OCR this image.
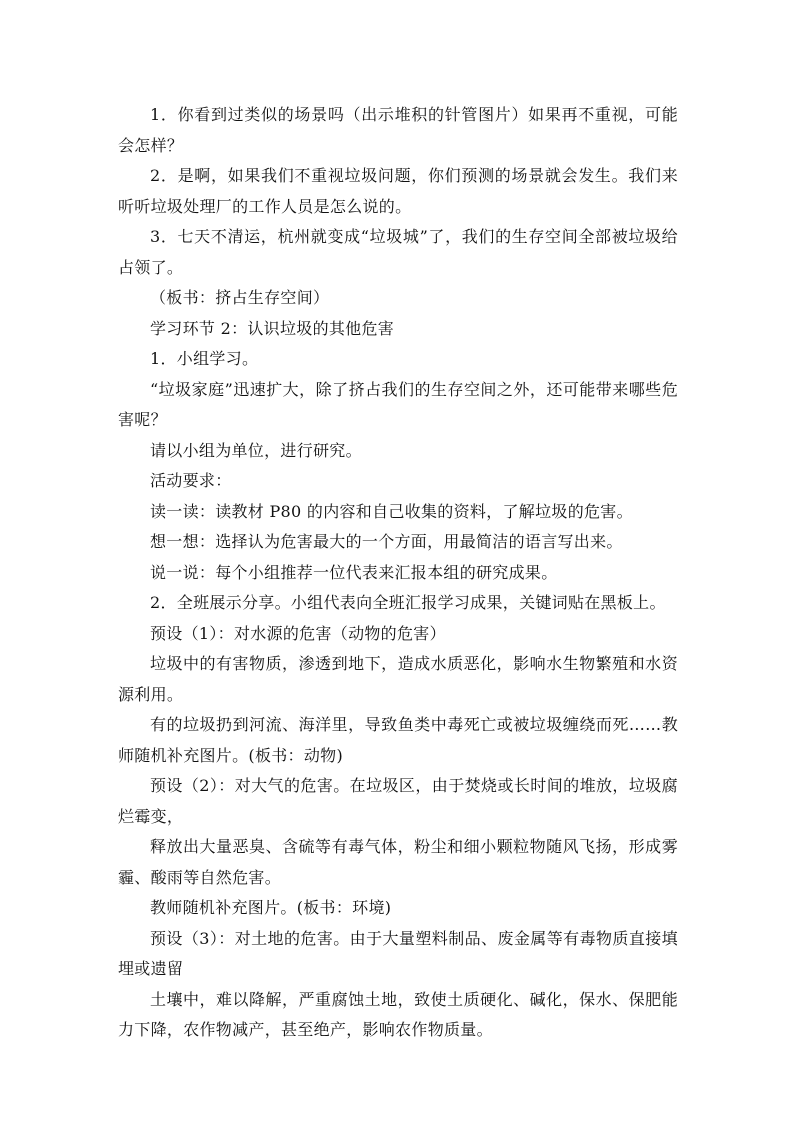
1．你看到过类似的场景吗（出示堆积的针管图片）如果再不重视，可能会怎样？

2．是啊，如果我们不重视垃圾问题，你们预测的场景就会发生。我们来听听垃圾处理厂的工作人员是怎么说的。

3．七天不清运，杭州就变成“垃圾城”了，我们的生存空间全部被垃圾给占领了。

（板书：挤占生存空间）

学习环节 2：认识垃圾的其他危害

1．小组学习。

“垃圾家庭”迅速扩大，除了挤占我们的生存空间之外，还可能带来哪些危害呢？

请以小组为单位，进行研究。

活动要求：

读一读：读教材 P80 的内容和自己收集的资料，了解垃圾的危害。

想一想：选择认为危害最大的一个方面，用最简洁的语言写出来。

说一说：每个小组推荐一位代表来汇报本组的研究成果。

2．全班展示分享。小组代表向全班汇报学习成果，关键词贴在黑板上。

预设（1）：对水源的危害（动物的危害）

垃圾中的有害物质，渗透到地下，造成水质恶化，影响水生物繁殖和水资源利用。

有的垃圾扔到河流、海洋里，导致鱼类中毒死亡或被垃圾缠绕而死……教师随机补充图片。(板书：动物)

预设（2）：对大气的危害。在垃圾区，由于焚烧或长时间的堆放，垃圾腐烂霉变，

释放出大量恶臭、含硫等有毒气体，粉尘和细小颗粒物随风飞扬，形成雾霾、酸雨等自然危害。

教师随机补充图片。(板书：环境)

预设（3）：对土地的危害。由于大量塑料制品、废金属等有毒物质直接填埋或遗留

土壤中，难以降解，严重腐蚀土地，致使土质硬化、碱化，保水、保肥能力下降，农作物减产，甚至绝产，影响农作物质量。
